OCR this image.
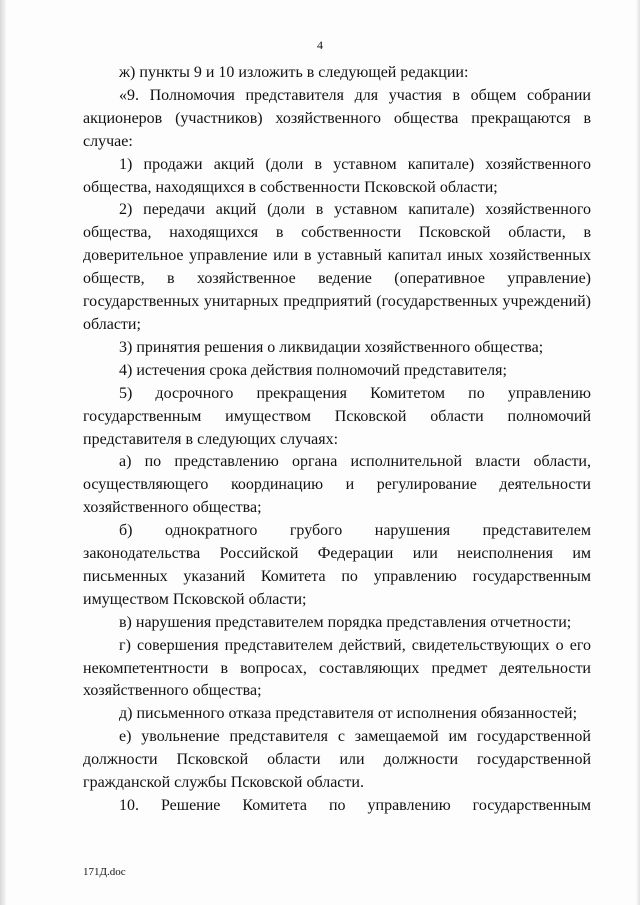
4

ж) пункты 9 и 10 изложить в следующей редакции:

«9. Полномочия представителя для участия в общем собрании акционеров (участников) хозяйственного общества прекращаются в случае:

1) продажи акций (доли в уставном капитале) хозяйственного общества, находящихся в собственности Псковской области;

2) передачи акций (доли в уставном капитале) хозяйственного общества, находящихся в собственности Псковской области, в доверительное управление или в уставный капитал иных хозяйственных обществ, в хозяйственное ведение (оперативное управление) государственных унитарных предприятий (государственных учреждений) области;

3) принятия решения о ликвидации хозяйственного общества;

4) истечения срока действия полномочий представителя;

5) досрочного прекращения Комитетом по управлению государственным имуществом Псковской области полномочий представителя в следующих случаях:

а) по представлению органа исполнительной власти области, осуществляющего координацию и регулирование деятельности хозяйственного общества;

б) однократного грубого нарушения представителем законодательства Российской Федерации или неисполнения им письменных указаний Комитета по управлению государственным имуществом Псковской области;

в) нарушения представителем порядка представления отчетности;

г) совершения представителем действий, свидетельствующих о его некомпетентности в вопросах, составляющих предмет деятельности хозяйственного общества;

д) письменного отказа представителя от исполнения обязанностей;

е) увольнение представителя с замещаемой им государственной должности Псковской области или должности государственной гражданской службы Псковской области.

10. Решение Комитета по управлению государственным

171Д.doc
